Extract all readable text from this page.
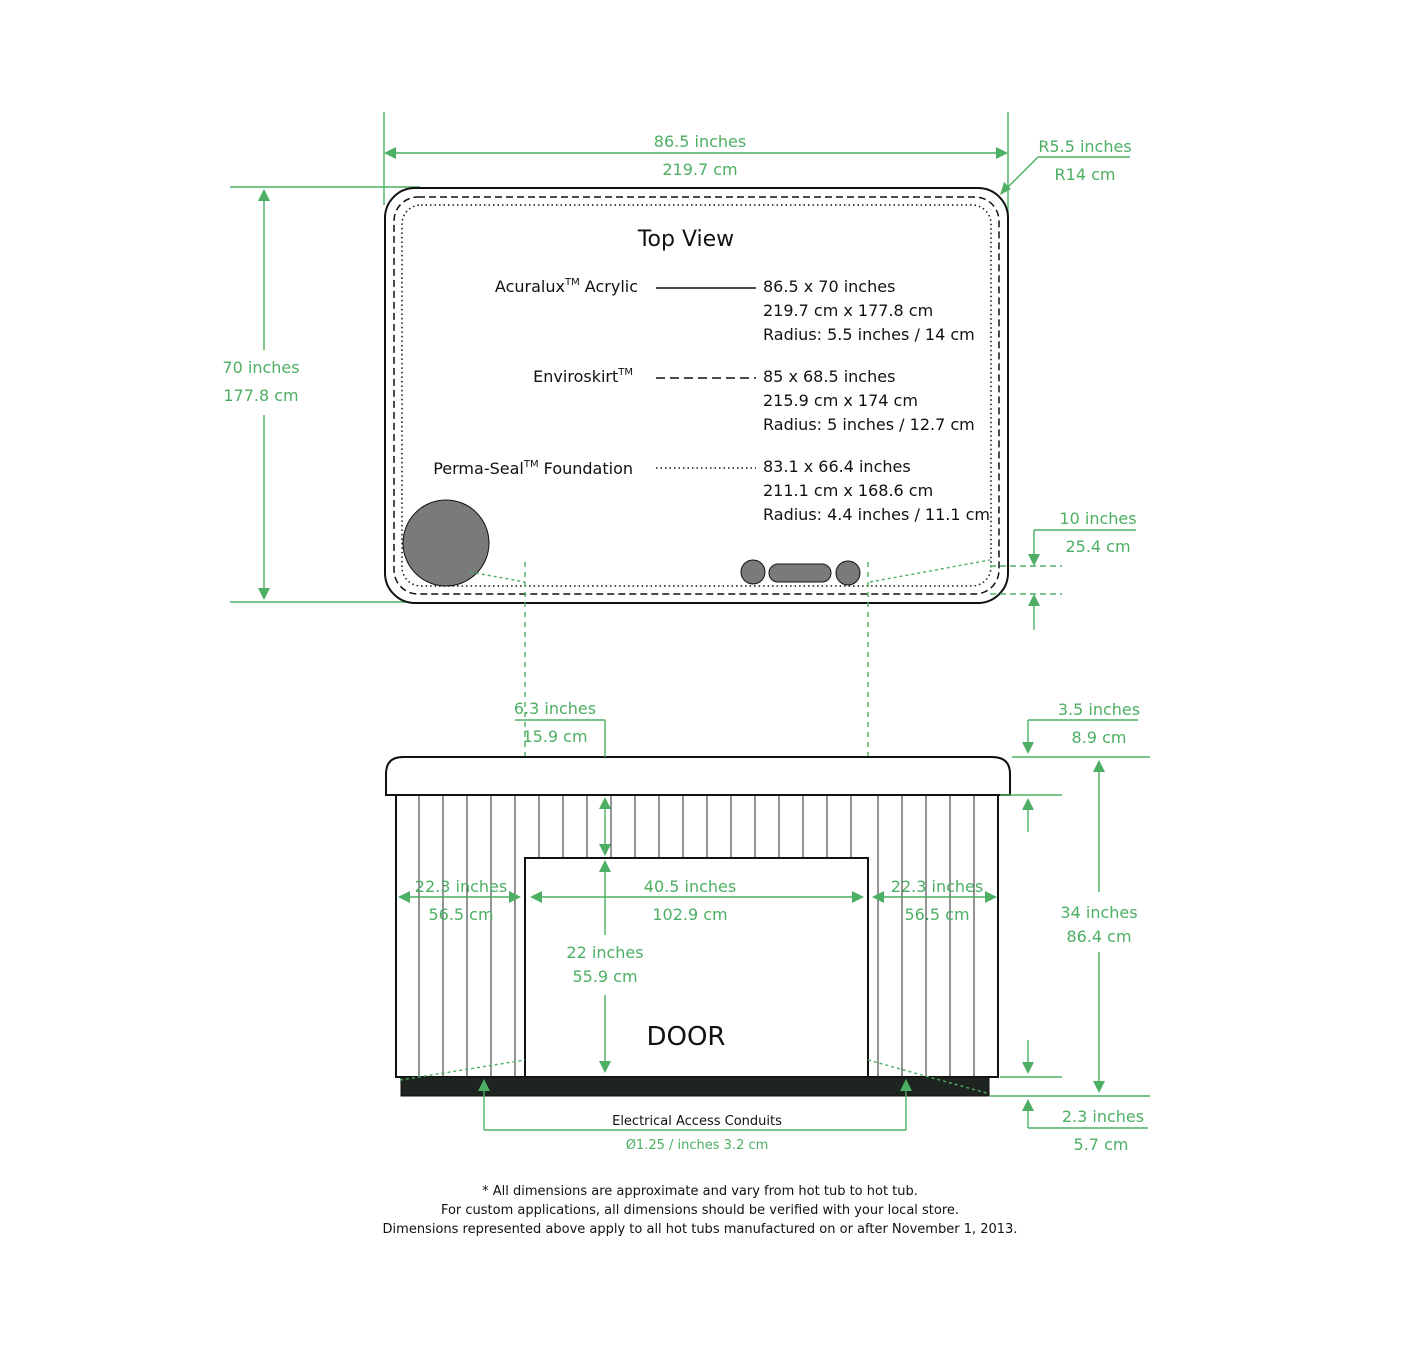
86.5 inches
219.7 cm
R5.5 inches
R14 cm
70 inches
177.8 cm
Top View
Acuralux™ Acrylic	86.5 x 70 inches
219.7 cm x 177.8 cm
Radius: 5.5 inches / 14 cm
Enviroskirt™	85 x 68.5 inches
215.9 cm x 174 cm
Radius: 5 inches / 12.7 cm
Perma-Seal™ Foundation	83.1 x 66.4 inches
211.1 cm x 168.6 cm
Radius: 4.4 inches / 11.1 cm	10 inches
25.4 cm
DOOR
6.3 inches
15.9 cm
3.5 inches
8.9 cm
34 inches
86.4 cm
2.3 inches
5.7 cm
22.3 inches
56.5 cm
40.5 inches
102.9 cm
22.3 inches
56.5 cm
22 inches
55.9 cm
Electrical Access Conduits
Ø1.25 / inches 3.2 cm
* All dimensions are approximate and vary from hot tub to hot tub.
For custom applications, all dimensions should be verified with your local store.
Dimensions represented above apply to all hot tubs manufactured on or after November 1, 2013.
